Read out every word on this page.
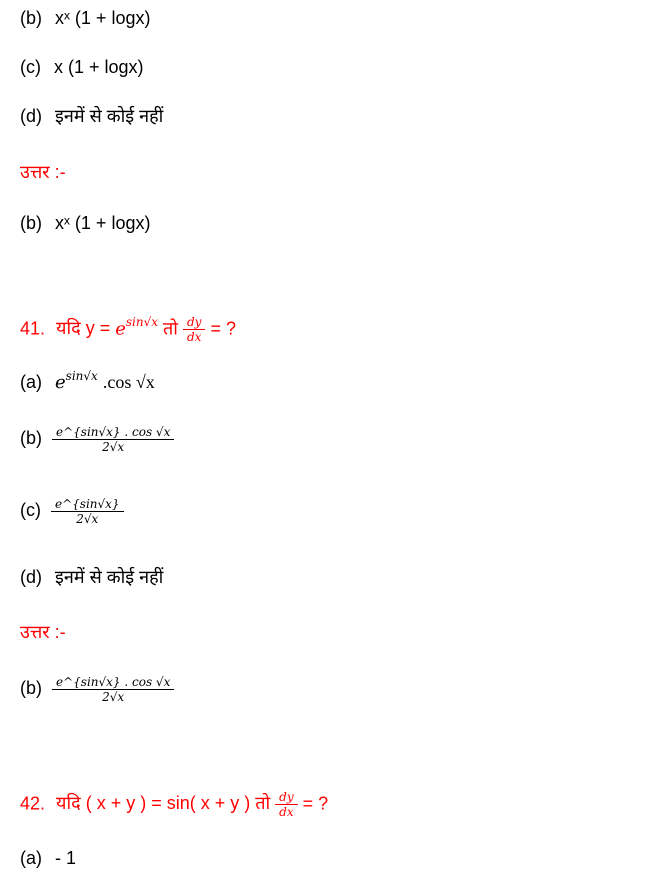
(b) xˣ (1 + logx)
(c) x (1 + logx)
(d) इनमें से कोई नहीं
उत्तर :-
(b) xˣ (1 + logx)
41. यदि $y = e^{sin√x}$ तो $\frac{dy}{dx}$ = ?
(a) $e^{sin√x}$ .cos √x
$(b) \frac{e\^{}\{\sin√x\} . \cos √x}{2√x}$
$(c) \frac{e\^{}\{\sin√x\}}{2√x}$
(d) इनमें से कोई नहीं
उत्तर :-
$(b) \frac{e\^{}\{\sin√x\} . \cos √x}{2√x}$
42. यदि ( x + y ) = sin( x + y ) तो $\frac{dy}{dx}$ = ?
(a) - 1
